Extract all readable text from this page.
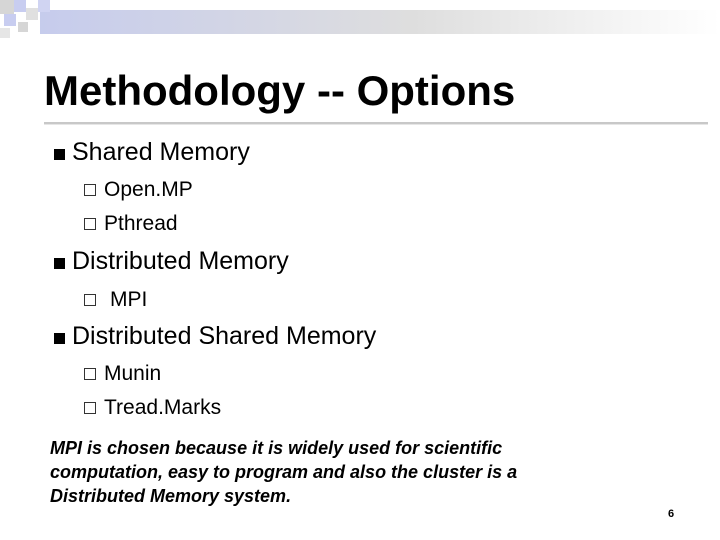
Methodology -- Options
Shared Memory
Open.MP
Pthread
Distributed Memory
MPI
Distributed Shared Memory
Munin
Tread.Marks
MPI is chosen because it is widely used for scientific computation, easy to program and also the cluster is a Distributed Memory system.
6
